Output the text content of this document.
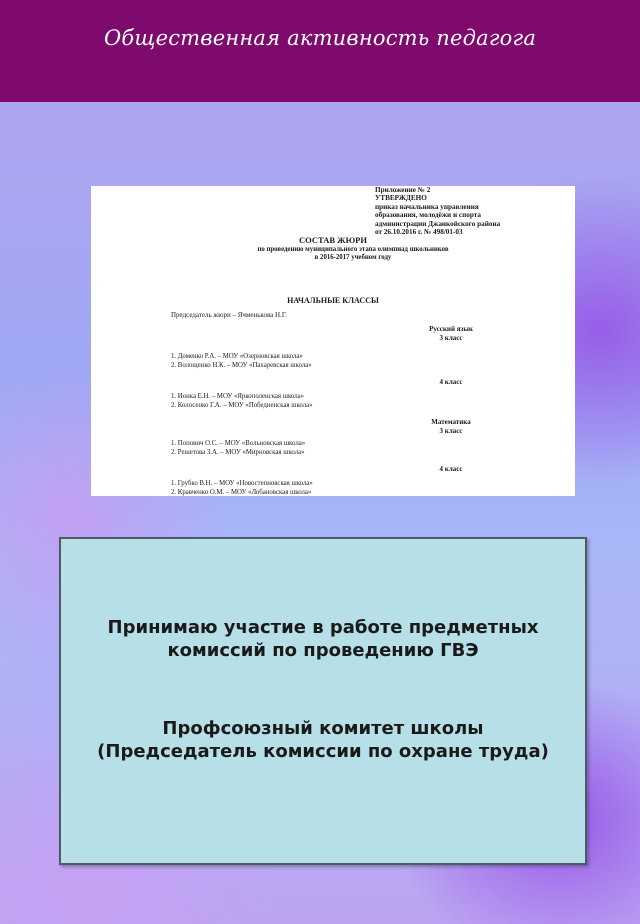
Общественная активность педагога
Приложение № 2
УТВЕРЖДЕНО
приказ начальника управления
образования, молодёжи и спорта
администрации Джанкойского района
от 26.10.2016 г. № 498/01-03
СОСТАВ ЖЮРИ
по проведению муниципального этапа олимпиад школьников
в 2016-2017 учебном году
НАЧАЛЬНЫЕ КЛАССЫ
Председатель жюри – Ячменькова Н.Г.
Русский язык
3 класс
1. Доменко Р.А. – МОУ «Озерновская школа»
2. Волощенко Н.К. – МОУ «Пахаревская школа»
4 класс
1. Ионка Е.Н. – МОУ «Яркополенская школа»
2. Колосенко Г.А. – МОУ «Победненская школа»
Математика
3 класс
1. Попович О.С. – МОУ «Вольновская школа»
2. Решетова З.А. – МОУ «Мирновская школа»
4 класс
1. Грубко В.Н. – МОУ «Новостепновская школа»
2. Кравченко О.М. – МОУ «Лобановская школа»
Принимаю участие в работе предметных комиссий по проведению ГВЭ
Профсоюзный комитет школы (Председатель комиссии по охране труда)
